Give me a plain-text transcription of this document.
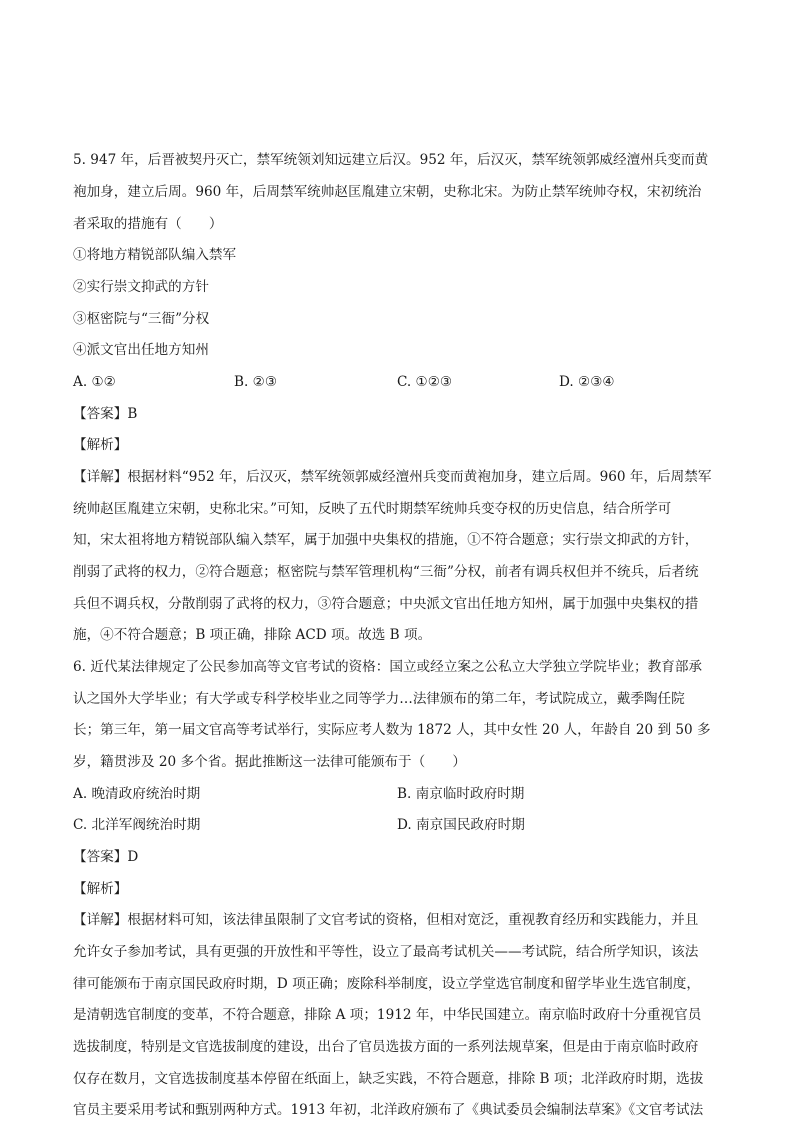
5. 947 年，后晋被契丹灭亡，禁军统领刘知远建立后汉。952 年，后汉灭，禁军统领郭威经澶州兵变而黄
袍加身，建立后周。960 年，后周禁军统帅赵匡胤建立宋朝，史称北宋。为防止禁军统帅夺权，宋初统治
者采取的措施有（　　）
①将地方精锐部队编入禁军
②实行崇文抑武的方针
③枢密院与“三衙”分权
④派文官出任地方知州
A. ①②	B. ②③	C. ①②③	D. ②③④
【答案】B
【解析】
【详解】根据材料“952 年，后汉灭，禁军统领郭威经澶州兵变而黄袍加身，建立后周。960 年，后周禁军
统帅赵匡胤建立宋朝，史称北宋。”可知，反映了五代时期禁军统帅兵变夺权的历史信息，结合所学可
知，宋太祖将地方精锐部队编入禁军，属于加强中央集权的措施，①不符合题意；实行崇文抑武的方针，
削弱了武将的权力，②符合题意；枢密院与禁军管理机构“三衙”分权，前者有调兵权但并不统兵，后者统
兵但不调兵权，分散削弱了武将的权力，③符合题意；中央派文官出任地方知州，属于加强中央集权的措
施，④不符合题意；B 项正确，排除 ACD 项。故选 B 项。
6. 近代某法律规定了公民参加高等文官考试的资格：国立或经立案之公私立大学独立学院毕业；教育部承
认之国外大学毕业；有大学或专科学校毕业之同等学力…法律颁布的第二年，考试院成立，戴季陶任院
长；第三年，第一届文官高等考试举行，实际应考人数为 1872 人，其中女性 20 人，年龄自 20 到 50 多
岁，籍贯涉及 20 多个省。据此推断这一法律可能颁布于（　　）
A. 晚清政府统治时期	B. 南京临时政府时期
C. 北洋军阀统治时期	D. 南京国民政府时期
【答案】D
【解析】
【详解】根据材料可知，该法律虽限制了文官考试的资格，但相对宽泛，重视教育经历和实践能力，并且
允许女子参加考试，具有更强的开放性和平等性，设立了最高考试机关——考试院，结合所学知识，该法
律可能颁布于南京国民政府时期，D 项正确；废除科举制度，设立学堂选官制度和留学毕业生选官制度，
是清朝选官制度的变革，不符合题意，排除 A 项；1912 年，中华民国建立。南京临时政府十分重视官员
选拔制度，特别是文官选拔制度的建设，出台了官员选拔方面的一系列法规草案，但是由于南京临时政府
仅存在数月，文官选拔制度基本停留在纸面上，缺乏实践，不符合题意，排除 B 项；北洋政府时期，选拔
官员主要采用考试和甄别两种方式。1913 年初，北洋政府颁布了《典试委员会编制法草案》《文官考试法
